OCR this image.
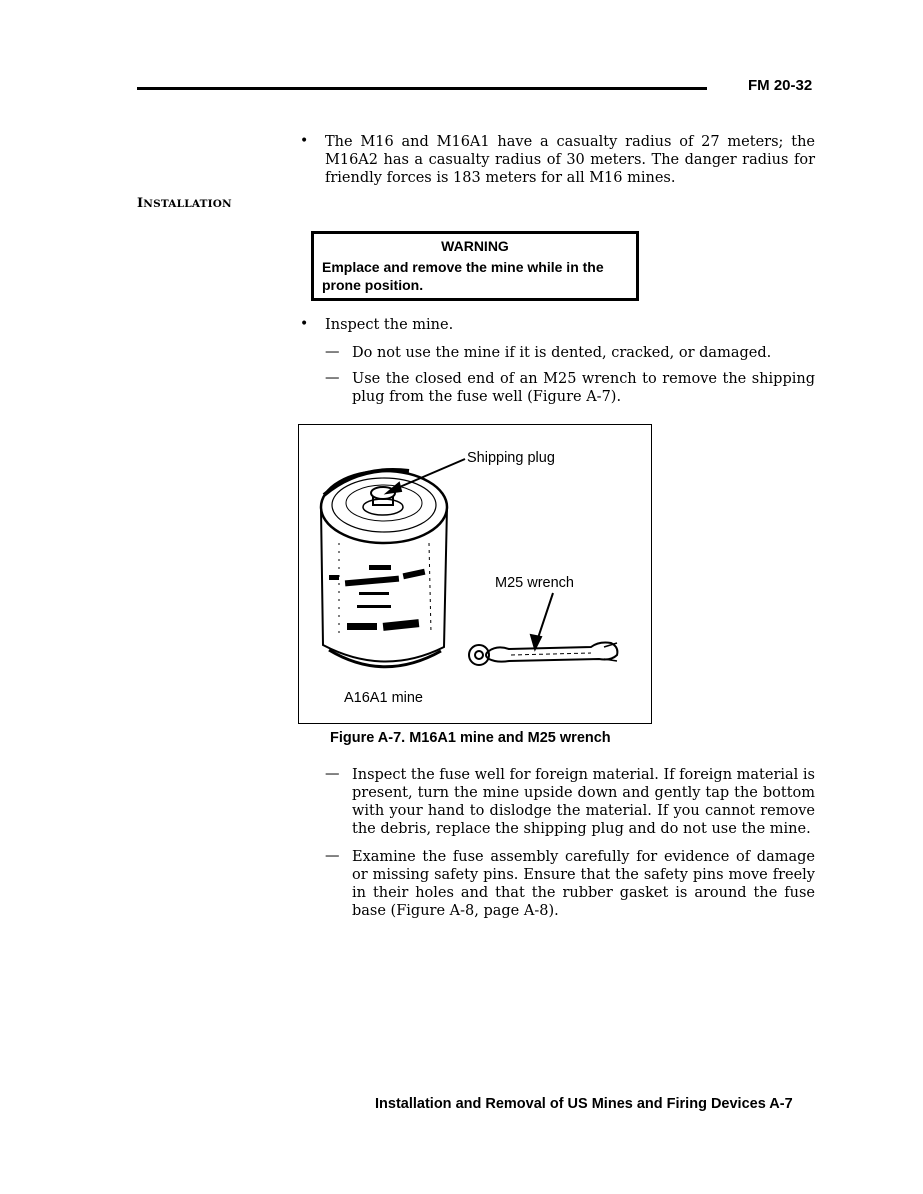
FM 20-32
• The M16 and M16A1 have a casualty radius of 27 meters; the M16A2 has a casualty radius of 30 meters. The danger radius for friendly forces is 183 meters for all M16 mines.
INSTALLATION
WARNING
Emplace and remove the mine while in the prone position.
• Inspect the mine.
— Do not use the mine if it is dented, cracked, or damaged.
— Use the closed end of an M25 wrench to remove the shipping plug from the fuse well (Figure A-7).
Shipping plug
M25 wrench
A16A1 mine
Figure A-7. M16A1 mine and M25 wrench
— Inspect the fuse well for foreign material. If foreign material is present, turn the mine upside down and gently tap the bottom with your hand to dislodge the material. If you cannot remove the debris, replace the shipping plug and do not use the mine.
— Examine the fuse assembly carefully for evidence of damage or missing safety pins. Ensure that the safety pins move freely in their holes and that the rubber gasket is around the fuse base (Figure A-8, page A-8).
Installation and Removal of US Mines and Firing Devices A-7
